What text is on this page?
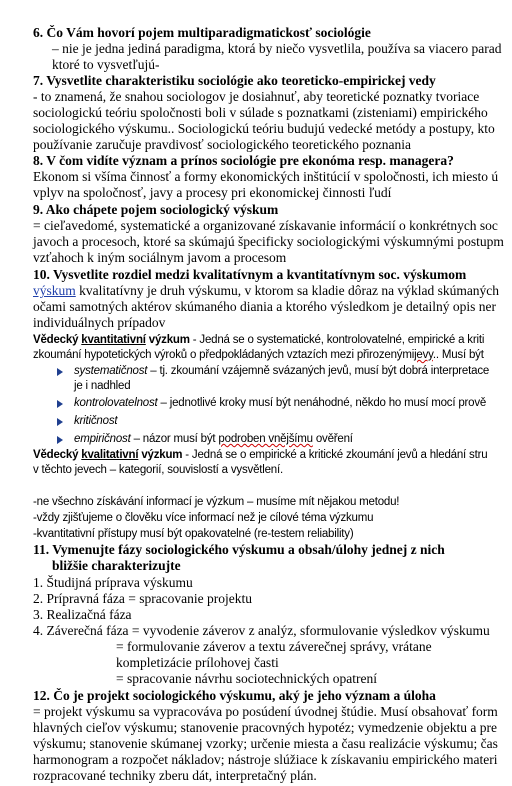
6. Čo Vám hovorí pojem multiparadigmatickosť sociológie
– nie je jedna jediná paradigma, ktorá by niečo vysvetlila, používa sa viacero parad
ktoré to vysvetľujú-
7. Vysvetlite charakteristiku sociológie ako teoreticko-empirickej vedy
- to znamená, že snahou sociologov je dosiahnuť, aby teoretické poznatky tvoriace
sociologickú teóriu spoločnosti boli v súlade s poznatkami (zisteniami) empirického
sociologického výskumu.. Sociologickú teóriu budujú vedecké metódy a postupy, kto
používanie zaručuje pravdivosť sociologického teoretického poznania
8. V čom vidíte význam a prínos sociológie pre ekonóma resp. managera?
Ekonom si všíma činnosť a formy ekonomických inštitúcií v spoločnosti, ich miesto ú
vplyv na spoločnosť, javy a procesy pri ekonomickej činnosti ľudí
9. Ako chápete pojem sociologický výskum
= cieľavedomé, systematické a organizované získavanie informácií o konkrétnych soc
javoch a procesoch, ktoré sa skúmajú špecificky sociologickými výskumnými postupm
vzťahoch k iným sociálnym javom a procesom
10. Vysvetlite rozdiel medzi kvalitatívnym a kvantitatívnym soc. výskumom
výskum kvalitatívny je druh výskumu, v ktorom sa kladie dôraz na výklad skúmaných
očami samotných aktérov skúmaného diania a ktorého výsledkom je detailný opis ner
individuálnych prípadov
Vědecký kvantitativní výzkum - Jedná se o systematické, kontrolovatelné, empirické a kriti
zkoumání hypotetických výroků o předpokládaných vztazích mezi přirozenýmijevy.. Musí být
systematičnost – tj. zkoumání vzájemně svázaných jevů, musí být dobrá interpretace
je i nadhled
kontrolovatelnost – jednotlivé kroky musí být nenáhodné, někdo ho musí mocí prově
kritičnost
empiričnost – názor musí být podroben vnějšímu ověření
Vědecký kvalitativní výzkum - Jedná se o empirické a kritické zkoumání jevů a hledání stru
v těchto jevech – kategorií, souvislostí a vysvětlení.
-ne všechno získávání informací je výzkum – musíme mít nějakou metodu!
-vždy zjišťujeme o člověku více informací než je cílové téma výzkumu
-kvantitativní přístupy musí být opakovatelné (re-testem reliability)
11. Vymenujte fázy sociologického výskumu a obsah/úlohy jednej z nich
bližšie charakterizujte
1. Študijná príprava výskumu
2. Prípravná fáza = spracovanie projektu
3. Realizačná fáza
4. Záverečná fáza = vyvodenie záverov z analýz, sformulovanie výsledkov výskumu
= formulovanie záverov a textu záverečnej správy, vrátane
kompletizácie prílohovej časti
= spracovanie návrhu sociotechnických opatrení
12. Čo je projekt sociologického výskumu, aký je jeho význam a úloha
= projekt výskumu sa vypracováva po posúdení úvodnej štúdie. Musí obsahovať form
hlavných cieľov výskumu; stanovenie pracovných hypotéz; vymedzenie objektu a pre
výskumu; stanovenie skúmanej vzorky; určenie miesta a času realizácie výskumu; čas
harmonogram a rozpočet nákladov; nástroje slúžiace k získavaniu empirického materi
rozpracované techniky zberu dát, interpretačný plán.
